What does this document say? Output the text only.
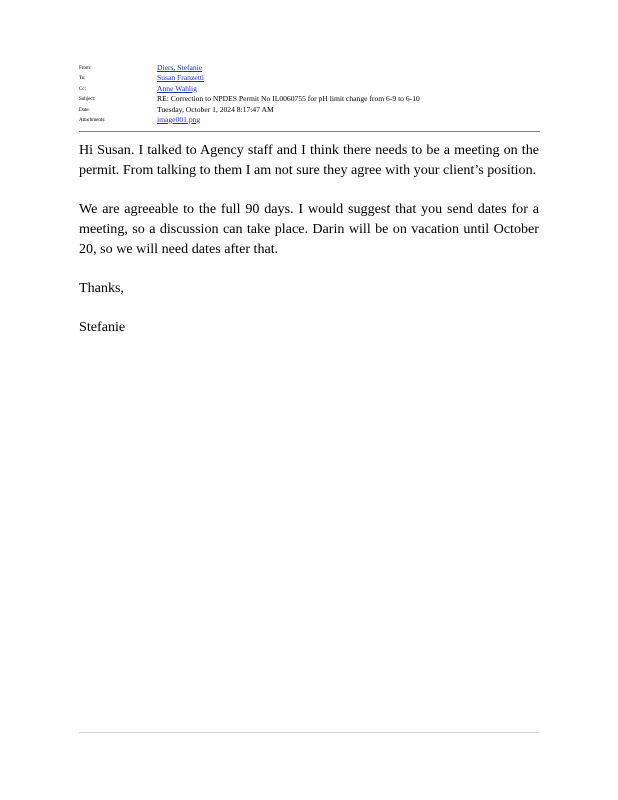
From:	Diers, Stefanie
To:	Susan Franzetti
Cc:	Anne Wahlig
Subject:	RE: Correction to NPDES Permit No IL0060755 for pH limit change from 6-9 to 6-10
Date:	Tuesday, October 1, 2024 8:17:47 AM
Attachments:	image001.png

Hi Susan. I talked to Agency staff and I think there needs to be a meeting on the permit. From talking to them I am not sure they agree with your client’s position.

We are agreeable to the full 90 days. I would suggest that you send dates for a meeting, so a discussion can take place. Darin will be on vacation until October 20, so we will need dates after that.

Thanks,

Stefanie
